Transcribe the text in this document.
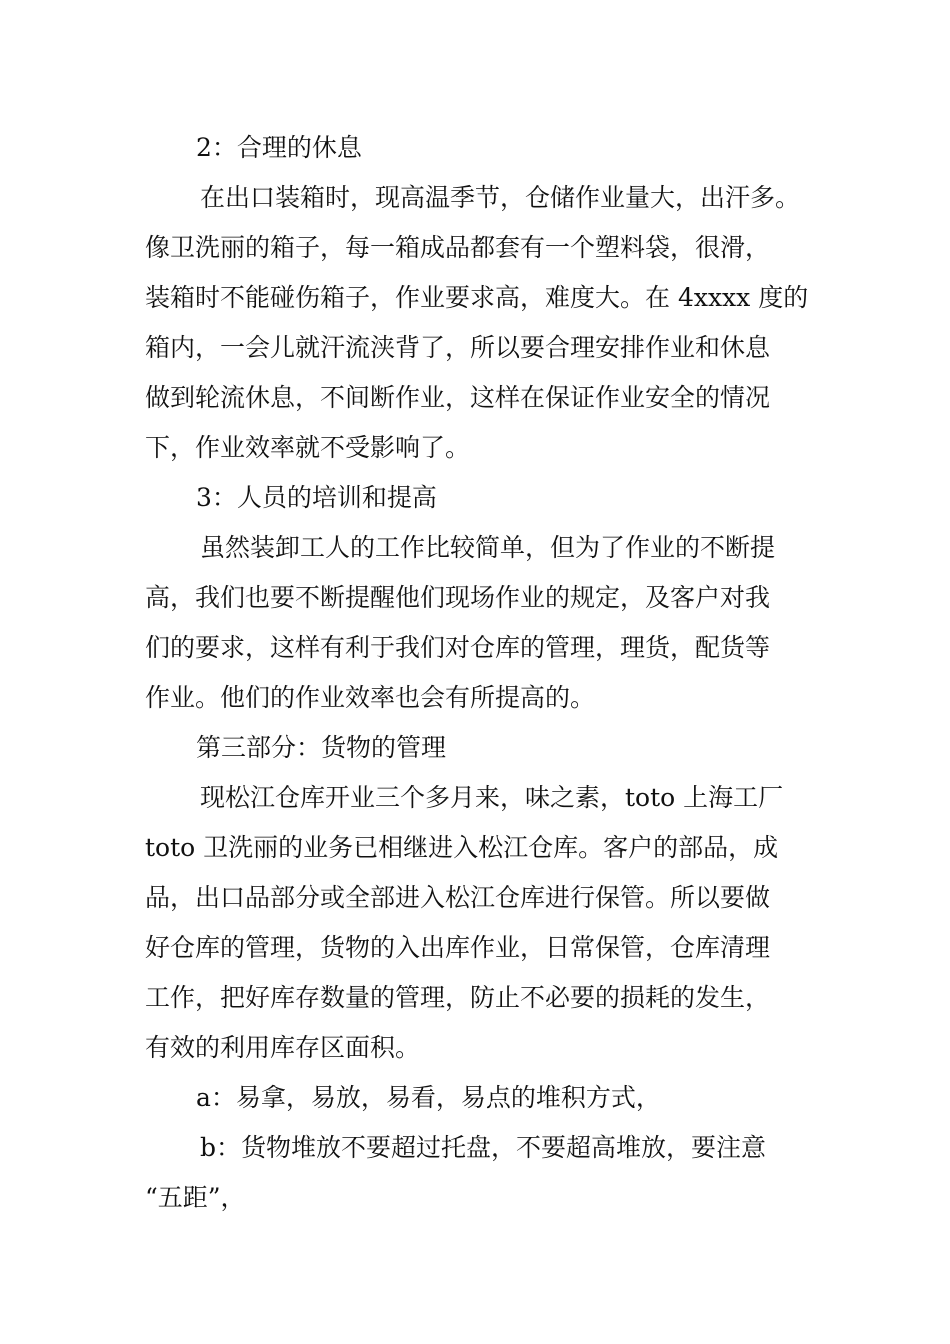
2：合理的休息
在出口装箱时，现高温季节，仓储作业量大，出汗多。
像卫洗丽的箱子，每一箱成品都套有一个塑料袋，很滑，
装箱时不能碰伤箱子，作业要求高，难度大。在 4xxxx 度的
箱内，一会儿就汗流浃背了，所以要合理安排作业和休息
做到轮流休息，不间断作业，这样在保证作业安全的情况
下，作业效率就不受影响了。
3：人员的培训和提高
虽然装卸工人的工作比较简单，但为了作业的不断提
高，我们也要不断提醒他们现场作业的规定，及客户对我
们的要求，这样有利于我们对仓库的管理，理货，配货等
作业。他们的作业效率也会有所提高的。
第三部分：货物的管理
现松江仓库开业三个多月来，味之素，toto 上海工厂
toto 卫洗丽的业务已相继进入松江仓库。客户的部品，成
品，出口品部分或全部进入松江仓库进行保管。所以要做
好仓库的管理，货物的入出库作业，日常保管，仓库清理
工作，把好库存数量的管理，防止不必要的损耗的发生，
有效的利用库存区面积。
a：易拿，易放，易看，易点的堆积方式，
b：货物堆放不要超过托盘，不要超高堆放，要注意
“五距”，
